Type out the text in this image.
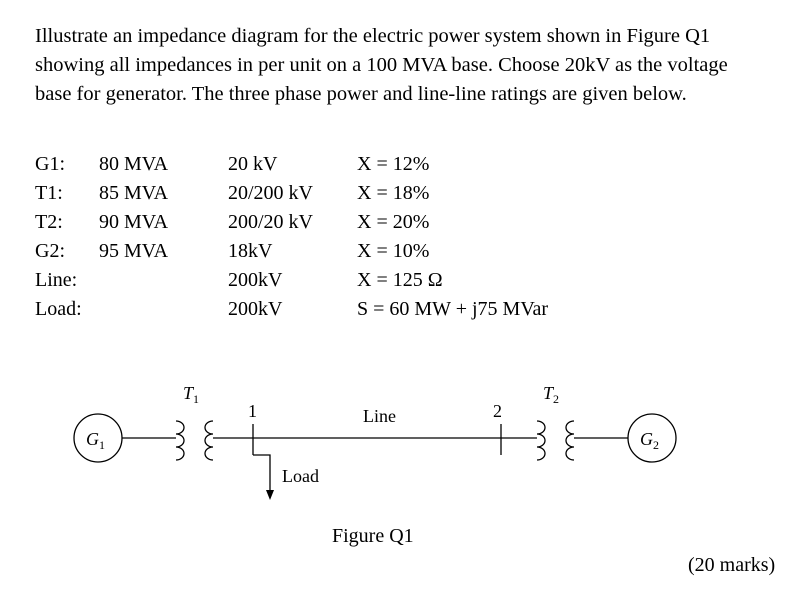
Illustrate an impedance diagram for the electric power system shown in Figure Q1
showing all impedances in per unit on a 100 MVA base. Choose 20kV as the voltage
base for generator. The three phase power and line-line ratings are given below.
G1: 80 MVA	20 kV	X = 12%
T1: 85 MVA	20/200 kV X = 18%
T2: 90 MVA	200/20 kV X = 20%
G2: 95 MVA	18kV	X = 10%
Line:	200kV	X = 125 Ω
Load:	200kV	S = 60 MW + j75 MVar
$G_1$	$G_2$
$T_1$	$T_2$
1	2
Line
Load
Figure Q1
(20 marks)
